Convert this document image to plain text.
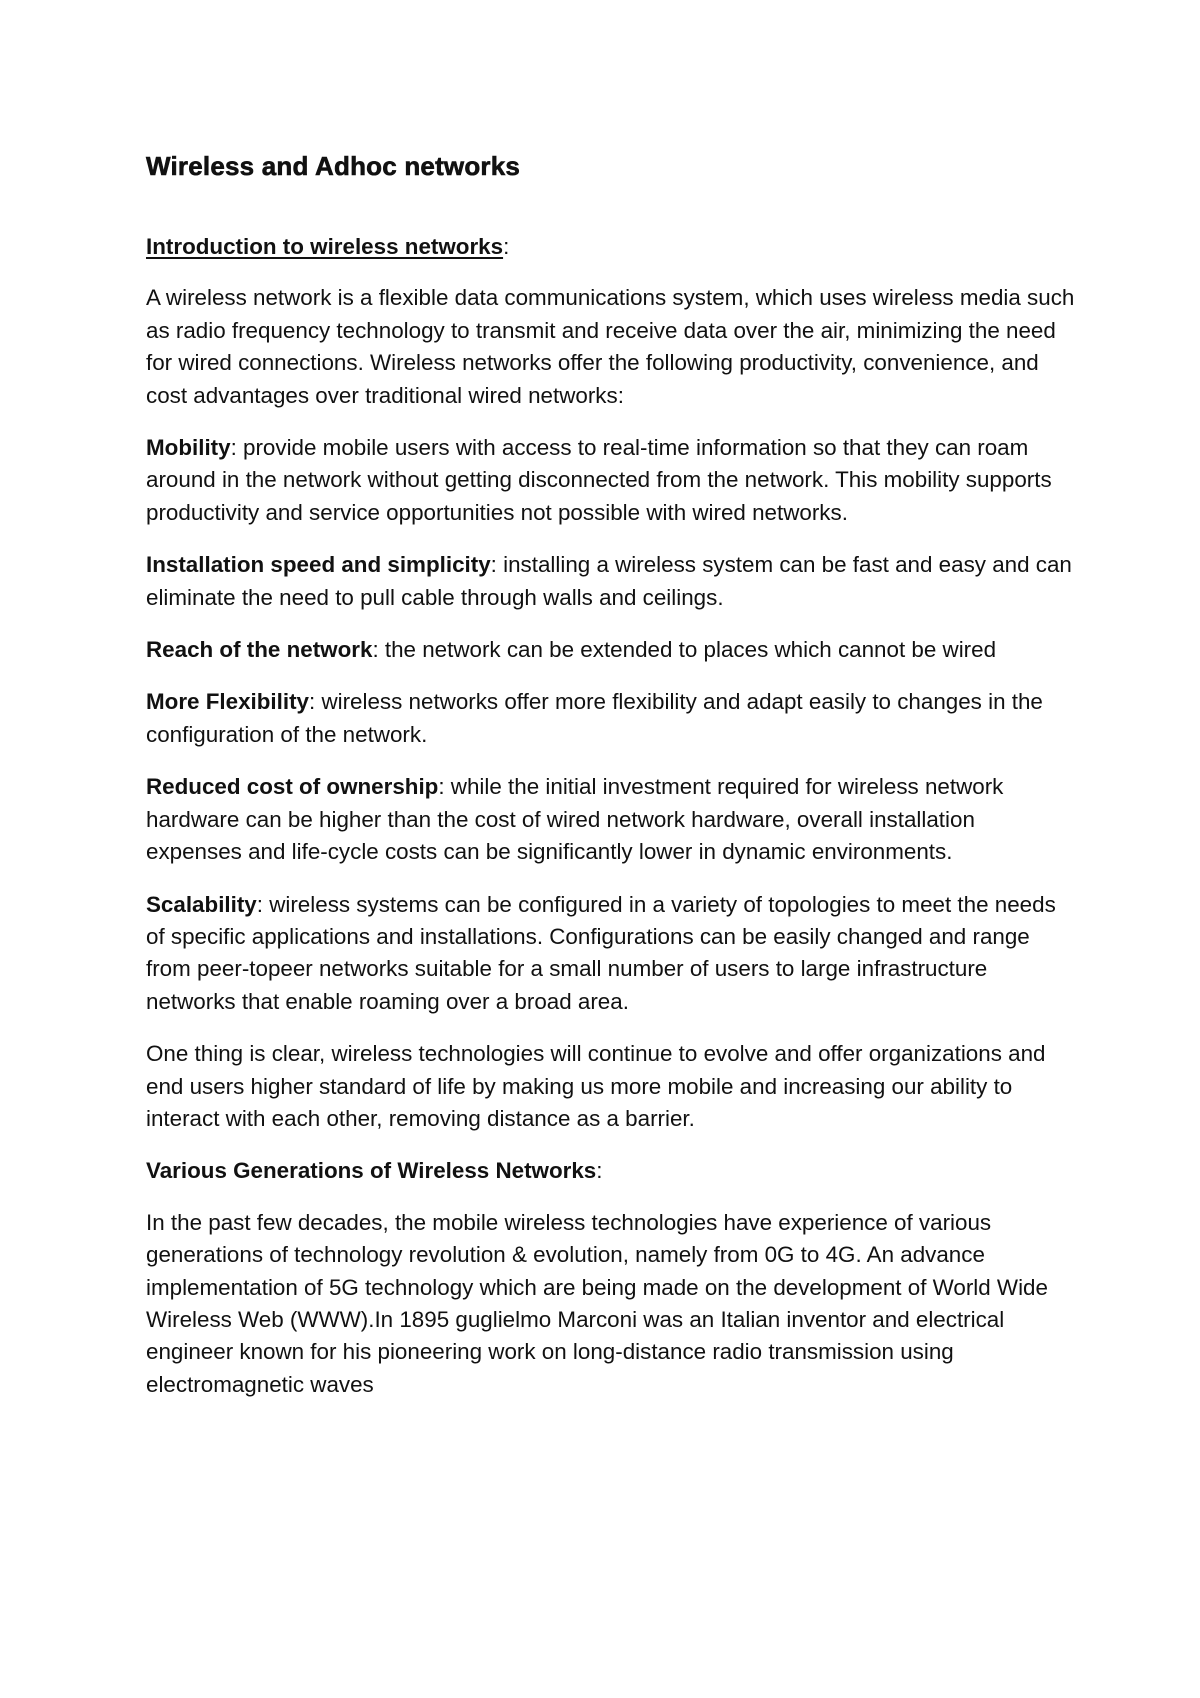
Wireless and Adhoc networks
Introduction to wireless networks:

A wireless network is a flexible data communications system, which uses wireless media such as radio frequency technology to transmit and receive data over the air, minimizing the need for wired connections. Wireless networks offer the following productivity, convenience, and cost advantages over traditional wired networks:

Mobility: provide mobile users with access to real-time information so that they can roam around in the network without getting disconnected from the network. This mobility supports productivity and service opportunities not possible with wired networks.

Installation speed and simplicity: installing a wireless system can be fast and easy and can eliminate the need to pull cable through walls and ceilings.

Reach of the network: the network can be extended to places which cannot be wired

More Flexibility: wireless networks offer more flexibility and adapt easily to changes in the configuration of the network.

Reduced cost of ownership: while the initial investment required for wireless network hardware can be higher than the cost of wired network hardware, overall installation expenses and life-cycle costs can be significantly lower in dynamic environments.

Scalability: wireless systems can be configured in a variety of topologies to meet the needs of specific applications and installations. Configurations can be easily changed and range from peer-topeer networks suitable for a small number of users to large infrastructure networks that enable roaming over a broad area.

One thing is clear, wireless technologies will continue to evolve and offer organizations and end users higher standard of life by making us more mobile and increasing our ability to interact with each other, removing distance as a barrier.

Various Generations of Wireless Networks:

In the past few decades, the mobile wireless technologies have experience of various generations of technology revolution & evolution, namely from 0G to 4G. An advance implementation of 5G technology which are being made on the development of World Wide Wireless Web (WWW).In 1895 guglielmo Marconi was an Italian inventor and electrical engineer known for his pioneering work on long-distance radio transmission using electromagnetic waves
